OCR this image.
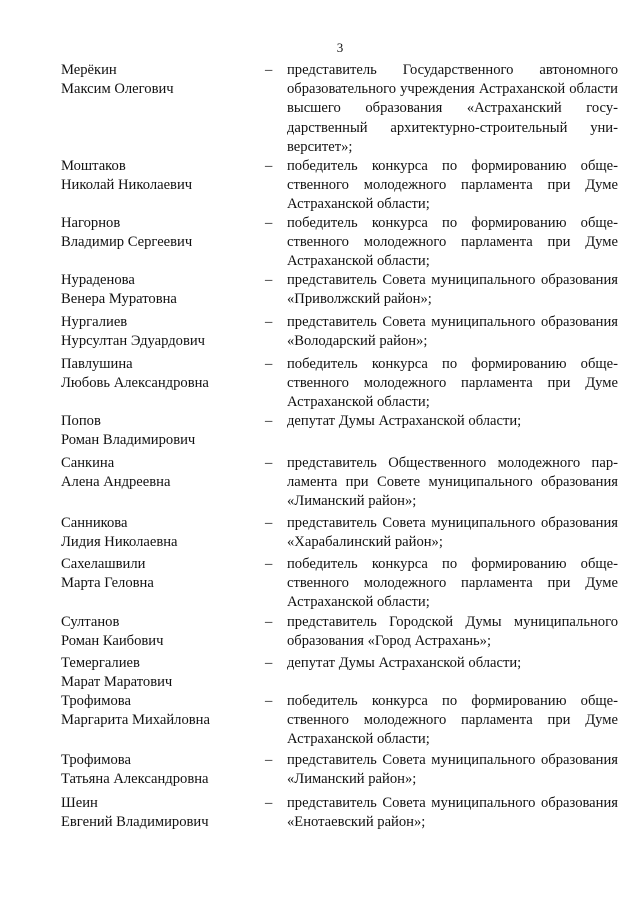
3
Мерёкин
Максим Олегович
–	представитель Государственного автономного образовательного учреждения Астраханской области высшего образования «Астраханский государственный архитектурно-строительный университет»;
Моштаков
Николай Николаевич
–	победитель конкурса по формированию общественного молодежного парламента при Думе Астраханской области;
Нагорнов
Владимир Сергеевич
–	победитель конкурса по формированию общественного молодежного парламента при Думе Астраханской области;
Нураденова
Венера Муратовна
–	представитель Совета муниципального образования «Приволжский район»;
Нургалиев
Нурсултан Эдуардович
–	представитель Совета муниципального образования «Володарский район»;
Павлушина
Любовь Александровна
–	победитель конкурса по формированию общественного молодежного парламента при Думе Астраханской области;
Попов
Роман Владимирович
–	депутат Думы Астраханской области;
Санкина
Алена Андреевна
–	представитель Общественного молодежного парламента при Совете муниципального образования «Лиманский район»;
Санникова
Лидия Николаевна
–	представитель Совета муниципального образования «Харабалинский район»;
Сахелашвили
Марта Геловна
–	победитель конкурса по формированию общественного молодежного парламента при Думе Астраханской области;
Султанов
Роман Каибович
–	представитель Городской Думы муниципального образования «Город Астрахань»;
Темергалиев
Марат Маратович
–	депутат Думы Астраханской области;
Трофимова
Маргарита Михайловна
–	победитель конкурса по формированию общественного молодежного парламента при Думе Астраханской области;
Трофимова
Татьяна Александровна
–	представитель Совета муниципального образования «Лиманский район»;
Шеин
Евгений Владимирович
–	представитель Совета муниципального образования «Енотаевский район»;
